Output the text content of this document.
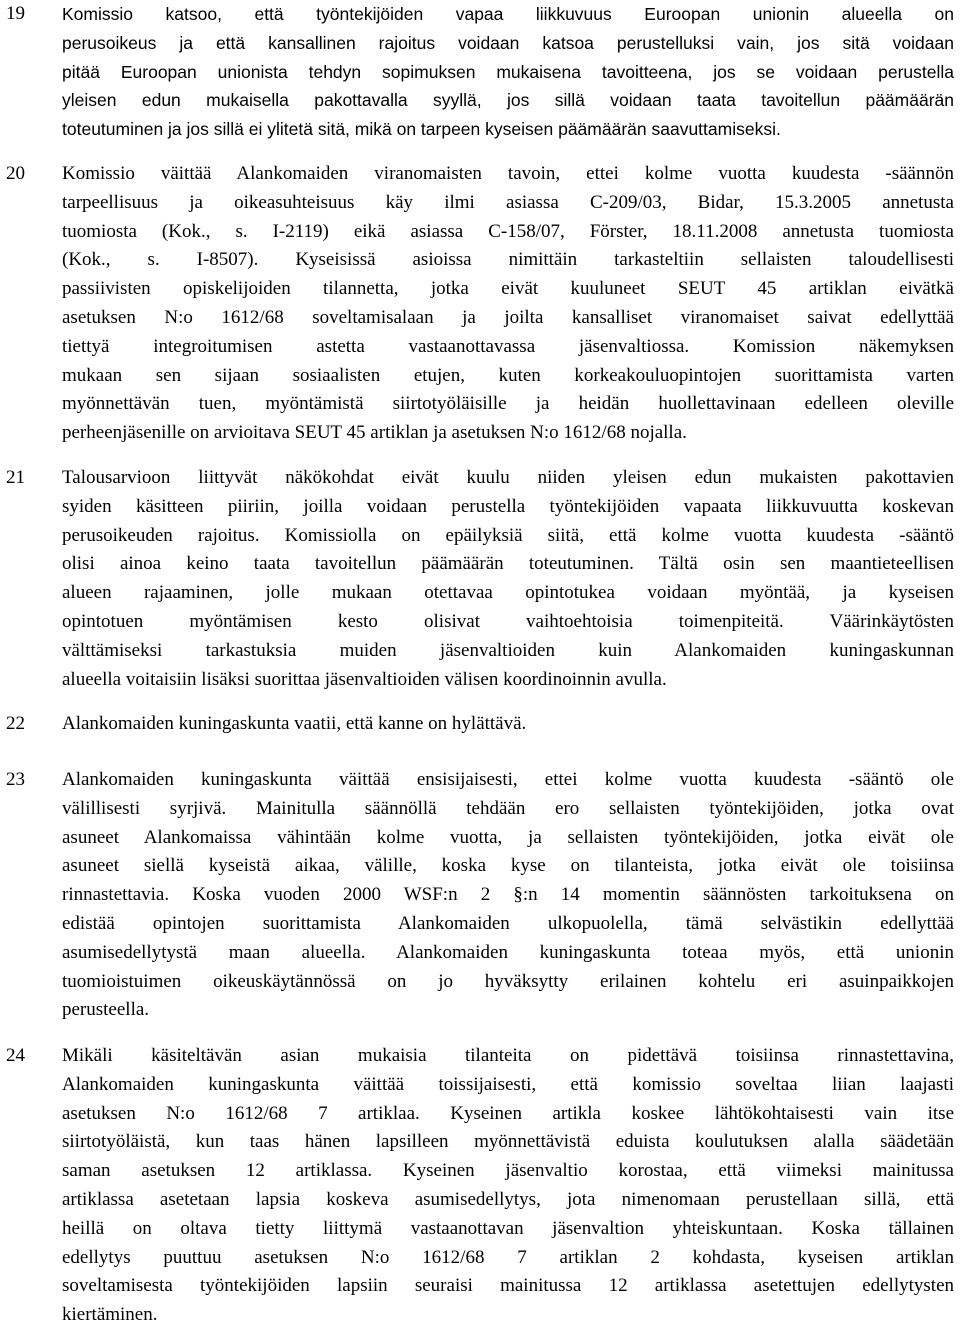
19 Komissio katsoo, että työntekijöiden vapaa liikkuvuus Euroopan unionin alueella on
perusoikeus ja että kansallinen rajoitus voidaan katsoa perustelluksi vain, jos sitä voidaan
pitää Euroopan unionista tehdyn sopimuksen mukaisena tavoitteena, jos se voidaan perustella
yleisen edun mukaisella pakottavalla syyllä, jos sillä voidaan taata tavoitellun päämäärän
toteutuminen ja jos sillä ei ylitetä sitä, mikä on tarpeen kyseisen päämäärän saavuttamiseksi.
20 Komissio väittää Alankomaiden viranomaisten tavoin, ettei kolme vuotta kuudesta -säännön
tarpeellisuus ja oikeasuhteisuus käy ilmi asiassa C-209/03, Bidar, 15.3.2005 annetusta
tuomiosta (Kok., s. I-2119) eikä asiassa C-158/07, Förster, 18.11.2008 annetusta tuomiosta
(Kok., s. I-8507). Kyseisissä asioissa nimittäin tarkasteltiin sellaisten taloudellisesti
passiivisten opiskelijoiden tilannetta, jotka eivät kuuluneet SEUT 45 artiklan eivätkä
asetuksen N:o 1612/68 soveltamisalaan ja joilta kansalliset viranomaiset saivat edellyttää
tiettyä integroitumisen astetta vastaanottavassa jäsenvaltiossa. Komission näkemyksen
mukaan sen sijaan sosiaalisten etujen, kuten korkeakouluopintojen suorittamista varten
myönnettävän tuen, myöntämistä siirtotyöläisille ja heidän huollettavinaan edelleen oleville
perheenjäsenille on arvioitava SEUT 45 artiklan ja asetuksen N:o 1612/68 nojalla.
21 Talousarvioon liittyvät näkökohdat eivät kuulu niiden yleisen edun mukaisten pakottavien
syiden käsitteen piiriin, joilla voidaan perustella työntekijöiden vapaata liikkuvuutta koskevan
perusoikeuden rajoitus. Komissiolla on epäilyksiä siitä, että kolme vuotta kuudesta -sääntö
olisi ainoa keino taata tavoitellun päämäärän toteutuminen. Tältä osin sen maantieteellisen
alueen rajaaminen, jolle mukaan otettavaa opintotukea voidaan myöntää, ja kyseisen
opintotuen myöntämisen kesto olisivat vaihtoehtoisia toimenpiteitä. Väärinkäytösten
välttämiseksi tarkastuksia muiden jäsenvaltioiden kuin Alankomaiden kuningaskunnan
alueella voitaisiin lisäksi suorittaa jäsenvaltioiden välisen koordinoinnin avulla.
22 Alankomaiden kuningaskunta vaatii, että kanne on hylättävä.
23 Alankomaiden kuningaskunta väittää ensisijaisesti, ettei kolme vuotta kuudesta -sääntö ole
välillisesti syrjivä. Mainitulla säännöllä tehdään ero sellaisten työntekijöiden, jotka ovat
asuneet Alankomaissa vähintään kolme vuotta, ja sellaisten työntekijöiden, jotka eivät ole
asuneet siellä kyseistä aikaa, välille, koska kyse on tilanteista, jotka eivät ole toisiinsa
rinnastettavia. Koska vuoden 2000 WSF:n 2 §:n 14 momentin säännösten tarkoituksena on
edistää opintojen suorittamista Alankomaiden ulkopuolella, tämä selvästikin edellyttää
asumisedellytystä maan alueella. Alankomaiden kuningaskunta toteaa myös, että unionin
tuomioistuimen oikeuskäytännössä on jo hyväksytty erilainen kohtelu eri asuinpaikkojen
perusteella.
24 Mikäli käsiteltävän asian mukaisia tilanteita on pidettävä toisiinsa rinnastettavina,
Alankomaiden kuningaskunta väittää toissijaisesti, että komissio soveltaa liian laajasti
asetuksen N:o 1612/68 7 artiklaa. Kyseinen artikla koskee lähtökohtaisesti vain itse
siirtotyöläistä, kun taas hänen lapsilleen myönnettävistä eduista koulutuksen alalla säädetään
saman asetuksen 12 artiklassa. Kyseinen jäsenvaltio korostaa, että viimeksi mainitussa
artiklassa asetetaan lapsia koskeva asumisedellytys, jota nimenomaan perustellaan sillä, että
heillä on oltava tietty liittymä vastaanottavan jäsenvaltion yhteiskuntaan. Koska tällainen
edellytys puuttuu asetuksen N:o 1612/68 7 artiklan 2 kohdasta, kyseisen artiklan
soveltamisesta työntekijöiden lapsiin seuraisi mainitussa 12 artiklassa asetettujen edellytysten
kiertäminen.
